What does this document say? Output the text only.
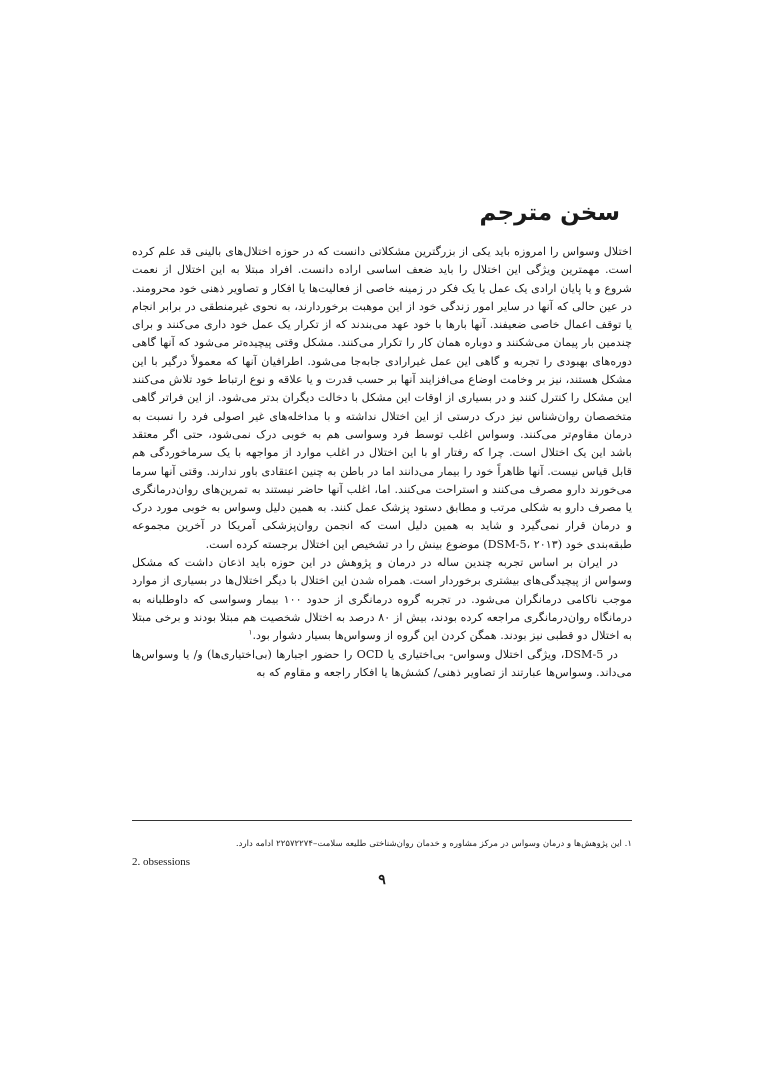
سخن مترجم

اختلال وسواس را امروزه باید یکی از بزرگترین مشکلاتی دانست که در حوزه اختلال‌های بالینی قد علم کرده است. مهمترین ویژگی این اختلال را باید ضعف اساسی اراده دانست. افراد مبتلا به این اختلال از نعمت شروع و یا پایان ارادی یک عمل یا یک فکر در زمینه خاصی از فعالیت‌ها یا افکار و تصاویر ذهنی خود محرومند. در عین حالی که آنها در سایر امور زندگی خود از این موهبت برخوردارند، به نحوی غیرمنطقی در برابر انجام یا توقف اعمال خاصی ضعیفند. آنها بارها با خود عهد می‌بندند که از تکرار یک عمل خود داری می‌کنند و برای چندمین بار پیمان می‌شکنند و دوباره همان کار را تکرار می‌کنند. مشکل وقتی پیچیده‌تر می‌شود که آنها گاهی دوره‌های بهبودی را تجربه و گاهی این عمل غیرارادی جابه‌جا می‌شود. اطرافیان آنها که معمولاً درگیر با این مشکل هستند، نیز بر وخامت اوضاع می‌افزایند آنها بر حسب قدرت و یا علاقه و نوع ارتباط خود تلاش می‌کنند این مشکل را کنترل کنند و در بسیاری از اوقات این مشکل با دخالت دیگران بدتر می‌شود. از این فراتر گاهی متخصصان روان‌شناس نیز درک درستی از این اختلال نداشته و با مداخله‌های غیر اصولی فرد را نسبت به درمان مقاوم‌تر می‌کنند. وسواس اغلب توسط فرد وسواسی هم به خوبی درک نمی‌شود، حتی اگر معتقد باشد این یک اختلال است. چرا که رفتار او با این اختلال در اغلب موارد از مواجهه با یک سرماخوردگی هم قابل قیاس نیست. آنها ظاهراً خود را بیمار می‌دانند اما در باطن به چنین اعتقادی باور ندارند. وقتی آنها سرما می‌خورند دارو مصرف می‌کنند و استراحت می‌کنند. اما، اغلب آنها حاضر نیستند به تمرین‌های روان‌درمانگری یا مصرف دارو به شکلی مرتب و مطابق دستود پزشک عمل کنند. به همین دلیل وسواس به خوبی مورد درک و درمان قرار نمی‌گیرد و شاید به همین دلیل است که انجمن روان‌پزشکی آمریکا در آخرین مجموعه طبقه‌بندی خود (DSM-5، ۲۰۱۳) موضوع بینش را در تشخیص این اختلال برجسته کرده است.

در ایران بر اساس تجربه چندین ساله در درمان و پژوهش در این حوزه باید اذعان داشت که مشکل وسواس از پیچیدگی‌های بیشتری برخوردار است. همراه شدن این اختلال با دیگر اختلال‌ها در بسیاری از موارد موجب ناکامی درمانگران می‌شود. در تجربه گروه درمانگری از حدود ۱۰۰ بیمار وسواسی که داوطلبانه به درمانگاه روان‌درمانگری مراجعه کرده بودند، بیش از ۸۰ درصد به اختلال شخصیت هم مبتلا بودند و برخی مبتلا به اختلال دو قطبی نیز بودند. همگن کردن این گروه از وسواس‌ها بسیار دشوار بود.$^۱$

در DSM-5، ویژگی اختلال وسواس- بی‌اختیاری یا OCD را حضور اجبارها (بی‌اختیاری‌ها) و/ یا وسواس‌ها می‌داند. وسواس‌ها عبارتند از تصاویر ذهنی/ کشش‌ها یا افکار راجعه و مقاوم که به

۱. این پژوهش‌ها و درمان وسواس در مرکز مشاوره و خدمان روان‌شناختی طلیعه سلامت–۲۲۵۷۲۲۷۴ ادامه دارد.
2. obsessions
۹
